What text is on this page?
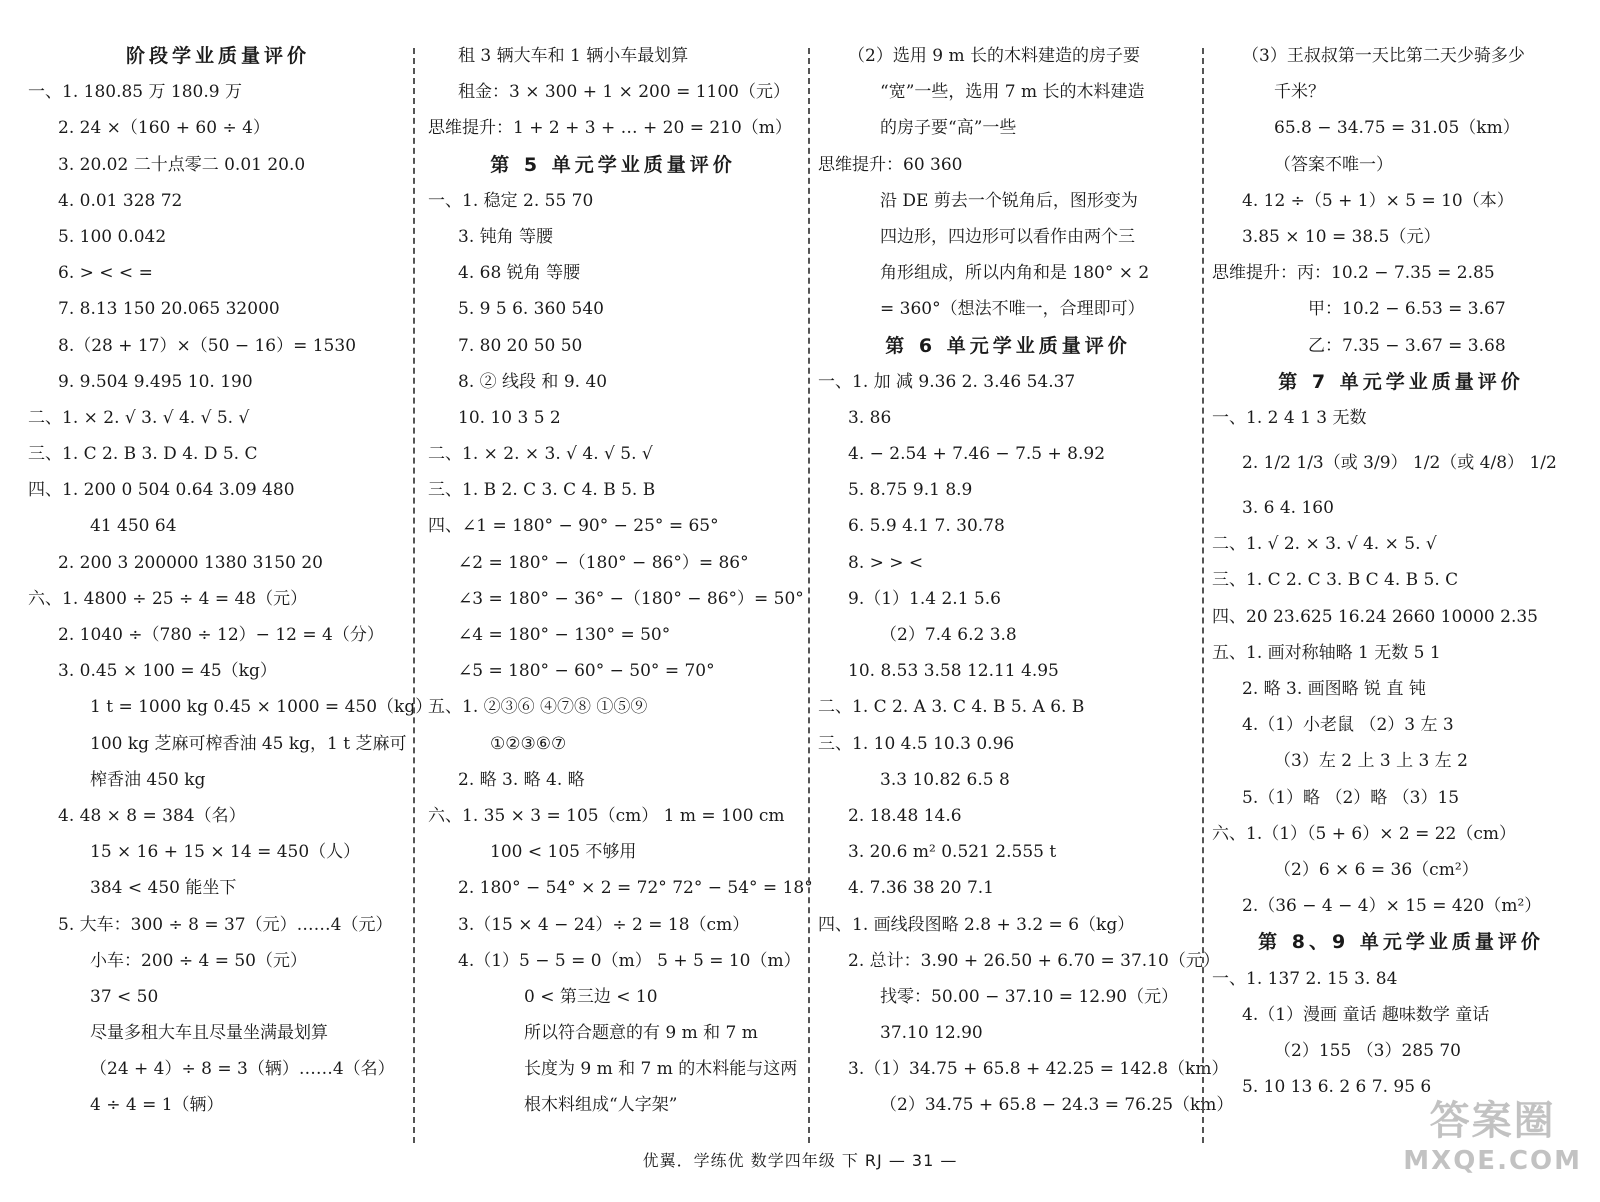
阶段学业质量评价
一、1. 180.85 万 180.9 万
2. 24 ×（160 + 60 ÷ 4）
3. 20.02 二十点零二 0.01 20.0
4. 0.01 328 72
5. 100 0.042
6. > < < =
7. 8.13 150 20.065 32000
8.（28 + 17）×（50 − 16）= 1530
9. 9.504 9.495 10. 190
二、1. × 2. √ 3. √ 4. √ 5. √
三、1. C 2. B 3. D 4. D 5. C
四、1. 200 0 504 0.64 3.09 480
41 450 64
2. 200 3 200000 1380 3150 20
六、1. 4800 ÷ 25 ÷ 4 = 48（元）
2. 1040 ÷（780 ÷ 12）− 12 = 4（分）
3. 0.45 × 100 = 45（kg）
1 t = 1000 kg 0.45 × 1000 = 450（kg）
100 kg 芝麻可榨香油 45 kg，1 t 芝麻可
榨香油 450 kg
4. 48 × 8 = 384（名）
15 × 16 + 15 × 14 = 450（人）
384 < 450 能坐下
5. 大车：300 ÷ 8 = 37（元）……4（元）
小车：200 ÷ 4 = 50（元）
37 < 50
尽量多租大车且尽量坐满最划算
（24 + 4）÷ 8 = 3（辆）……4（名）
4 ÷ 4 = 1（辆）
租 3 辆大车和 1 辆小车最划算
租金：3 × 300 + 1 × 200 = 1100（元）
思维提升：1 + 2 + 3 + … + 20 = 210（m）
第 5 单元学业质量评价
一、1. 稳定 2. 55 70
3. 钝角 等腰
4. 68 锐角 等腰
5. 9 5 6. 360 540
7. 80 20 50 50
8. ② 线段 和 9. 40
10. 10 3 5 2
二、1. × 2. × 3. √ 4. √ 5. √
三、1. B 2. C 3. C 4. B 5. B
四、∠1 = 180° − 90° − 25° = 65°
∠2 = 180° −（180° − 86°）= 86°
∠3 = 180° − 36° −（180° − 86°）= 50°
∠4 = 180° − 130° = 50°
∠5 = 180° − 60° − 50° = 70°
五、1. ②③⑥ ④⑦⑧ ①⑤⑨
①②③⑥⑦
2. 略 3. 略 4. 略
六、1. 35 × 3 = 105（cm） 1 m = 100 cm
100 < 105 不够用
2. 180° − 54° × 2 = 72° 72° − 54° = 18°
3.（15 × 4 − 24）÷ 2 = 18（cm）
4.（1）5 − 5 = 0（m） 5 + 5 = 10（m）
0 < 第三边 < 10
所以符合题意的有 9 m 和 7 m
长度为 9 m 和 7 m 的木料能与这两
根木料组成“人字架”
（2）选用 9 m 长的木料建造的房子要
“宽”一些，选用 7 m 长的木料建造
的房子要“高”一些
思维提升：60 360
沿 DE 剪去一个锐角后，图形变为
四边形，四边形可以看作由两个三
角形组成，所以内角和是 180° × 2
= 360°（想法不唯一，合理即可）
第 6 单元学业质量评价
一、1. 加 减 9.36 2. 3.46 54.37
3. 86
4. − 2.54 + 7.46 − 7.5 + 8.92
5. 8.75 9.1 8.9
6. 5.9 4.1 7. 30.78
8. > > <
9.（1）1.4 2.1 5.6
（2）7.4 6.2 3.8
10. 8.53 3.58 12.11 4.95
二、1. C 2. A 3. C 4. B 5. A 6. B
三、1. 10 4.5 10.3 0.96
3.3 10.82 6.5 8
2. 18.48 14.6
3. 20.6 m² 0.521 2.555 t
4. 7.36 38 20 7.1
四、1. 画线段图略 2.8 + 3.2 = 6（kg）
2. 总计：3.90 + 26.50 + 6.70 = 37.10（元）
找零：50.00 − 37.10 = 12.90（元）
37.10 12.90
3.（1）34.75 + 65.8 + 42.25 = 142.8（km）
（2）34.75 + 65.8 − 24.3 = 76.25（km）
（3）王叔叔第一天比第二天少骑多少
千米？
65.8 − 34.75 = 31.05（km）
（答案不唯一）
4. 12 ÷（5 + 1）× 5 = 10（本）
3.85 × 10 = 38.5（元）
思维提升：丙：10.2 − 7.35 = 2.85
甲：10.2 − 6.53 = 3.67
乙：7.35 − 3.67 = 3.68
第 7 单元学业质量评价
一、1. 2 4 1 3 无数
2. 1/2 1/3（或 3/9） 1/2（或 4/8） 1/2
3. 6 4. 160
二、1. √ 2. × 3. √ 4. × 5. √
三、1. C 2. C 3. B C 4. B 5. C
四、20 23.625 16.24 2660 10000 2.35
五、1. 画对称轴略 1 无数 5 1
2. 略 3. 画图略 锐 直 钝
4.（1）小老鼠 （2）3 左 3
（3）左 2 上 3 上 3 左 2
5.（1）略 （2）略 （3）15
六、1.（1）（5 + 6）× 2 = 22（cm）
（2）6 × 6 = 36（cm²）
2.（36 − 4 − 4）× 15 = 420（m²）
第 8、9 单元学业质量评价
一、1. 137 2. 15 3. 84
4.（1）漫画 童话 趣味数学 童话
（2）155 （3）285 70
5. 10 13 6. 2 6 7. 95 6
优翼．学练优 数学四年级 下 RJ — 31 —
答案圈
MXQE.COM
